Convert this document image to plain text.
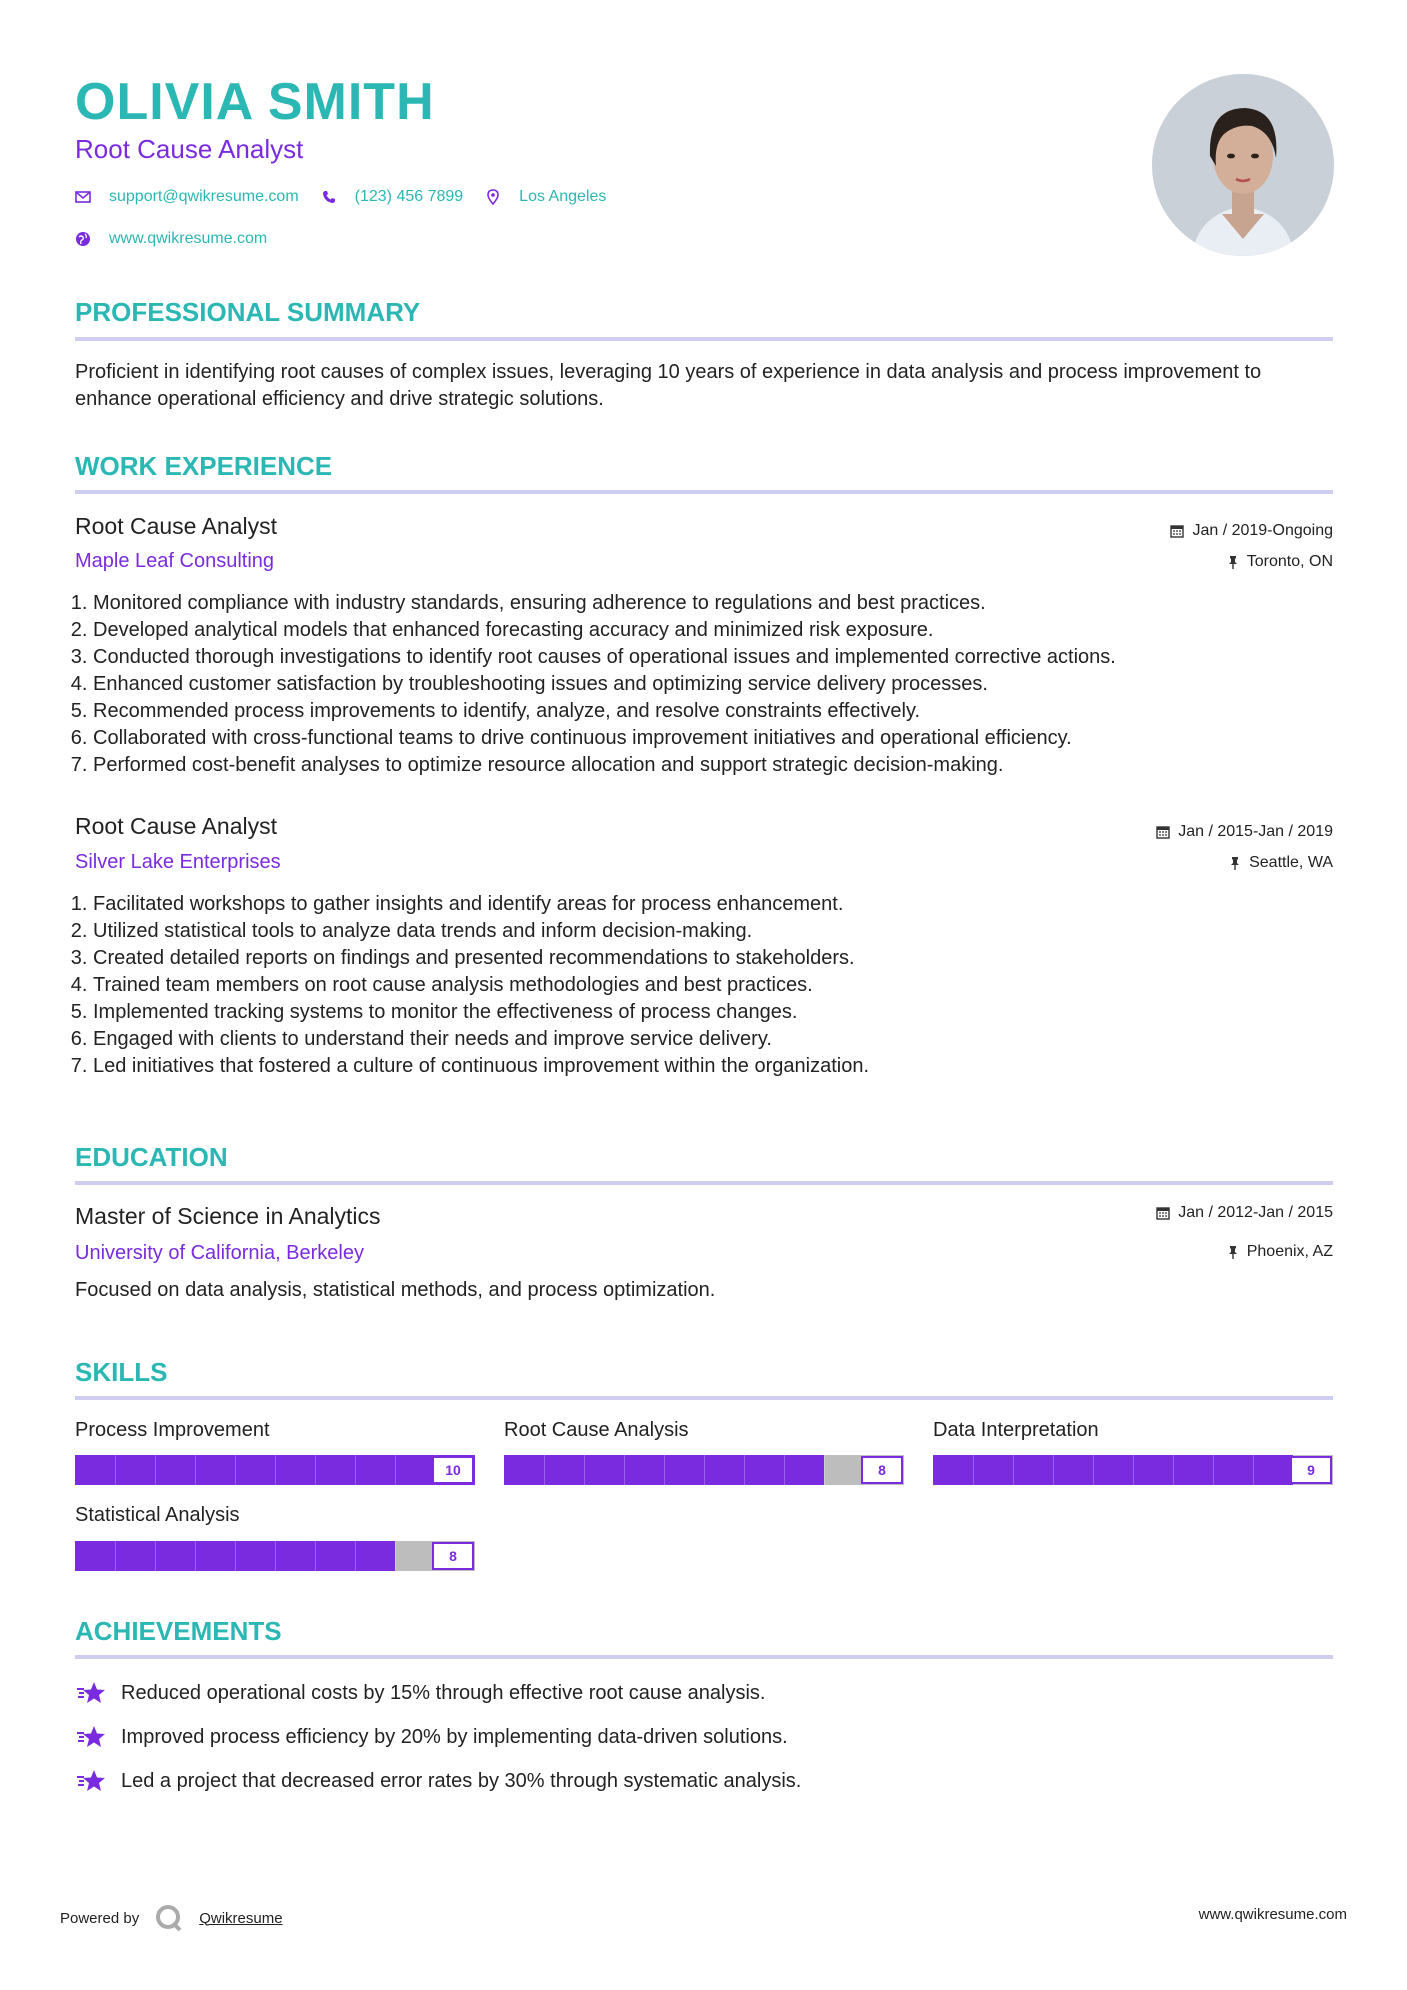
OLIVIA SMITH
Root Cause Analyst
support@qwikresume.com	(123) 456 7899	Los Angeles
www.qwikresume.com
PROFESSIONAL SUMMARY
Proficient in identifying root causes of complex issues, leveraging 10 years of experience in data analysis and process improvement to enhance operational efficiency and drive strategic solutions.
WORK EXPERIENCE
Root Cause Analyst
Maple Leaf Consulting
Jan / 2019-Ongoing
Toronto, ON
1. Monitored compliance with industry standards, ensuring adherence to regulations and best practices.
2. Developed analytical models that enhanced forecasting accuracy and minimized risk exposure.
3. Conducted thorough investigations to identify root causes of operational issues and implemented corrective actions.
4. Enhanced customer satisfaction by troubleshooting issues and optimizing service delivery processes.
5. Recommended process improvements to identify, analyze, and resolve constraints effectively.
6. Collaborated with cross-functional teams to drive continuous improvement initiatives and operational efficiency.
7. Performed cost-benefit analyses to optimize resource allocation and support strategic decision-making.
Root Cause Analyst
Silver Lake Enterprises
Jan / 2015-Jan / 2019
Seattle, WA
1. Facilitated workshops to gather insights and identify areas for process enhancement.
2. Utilized statistical tools to analyze data trends and inform decision-making.
3. Created detailed reports on findings and presented recommendations to stakeholders.
4. Trained team members on root cause analysis methodologies and best practices.
5. Implemented tracking systems to monitor the effectiveness of process changes.
6. Engaged with clients to understand their needs and improve service delivery.
7. Led initiatives that fostered a culture of continuous improvement within the organization.
EDUCATION
Master of Science in Analytics
University of California, Berkeley
Jan / 2012-Jan / 2015
Phoenix, AZ
Focused on data analysis, statistical methods, and process optimization.
SKILLS
Process Improvement
10
Root Cause Analysis
8
Data Interpretation
9
Statistical Analysis
8
ACHIEVEMENTS
Reduced operational costs by 15% through effective root cause analysis.
Improved process efficiency by 20% by implementing data-driven solutions.
Led a project that decreased error rates by 30% through systematic analysis.
Powered by	Qwikresume	www.qwikresume.com
